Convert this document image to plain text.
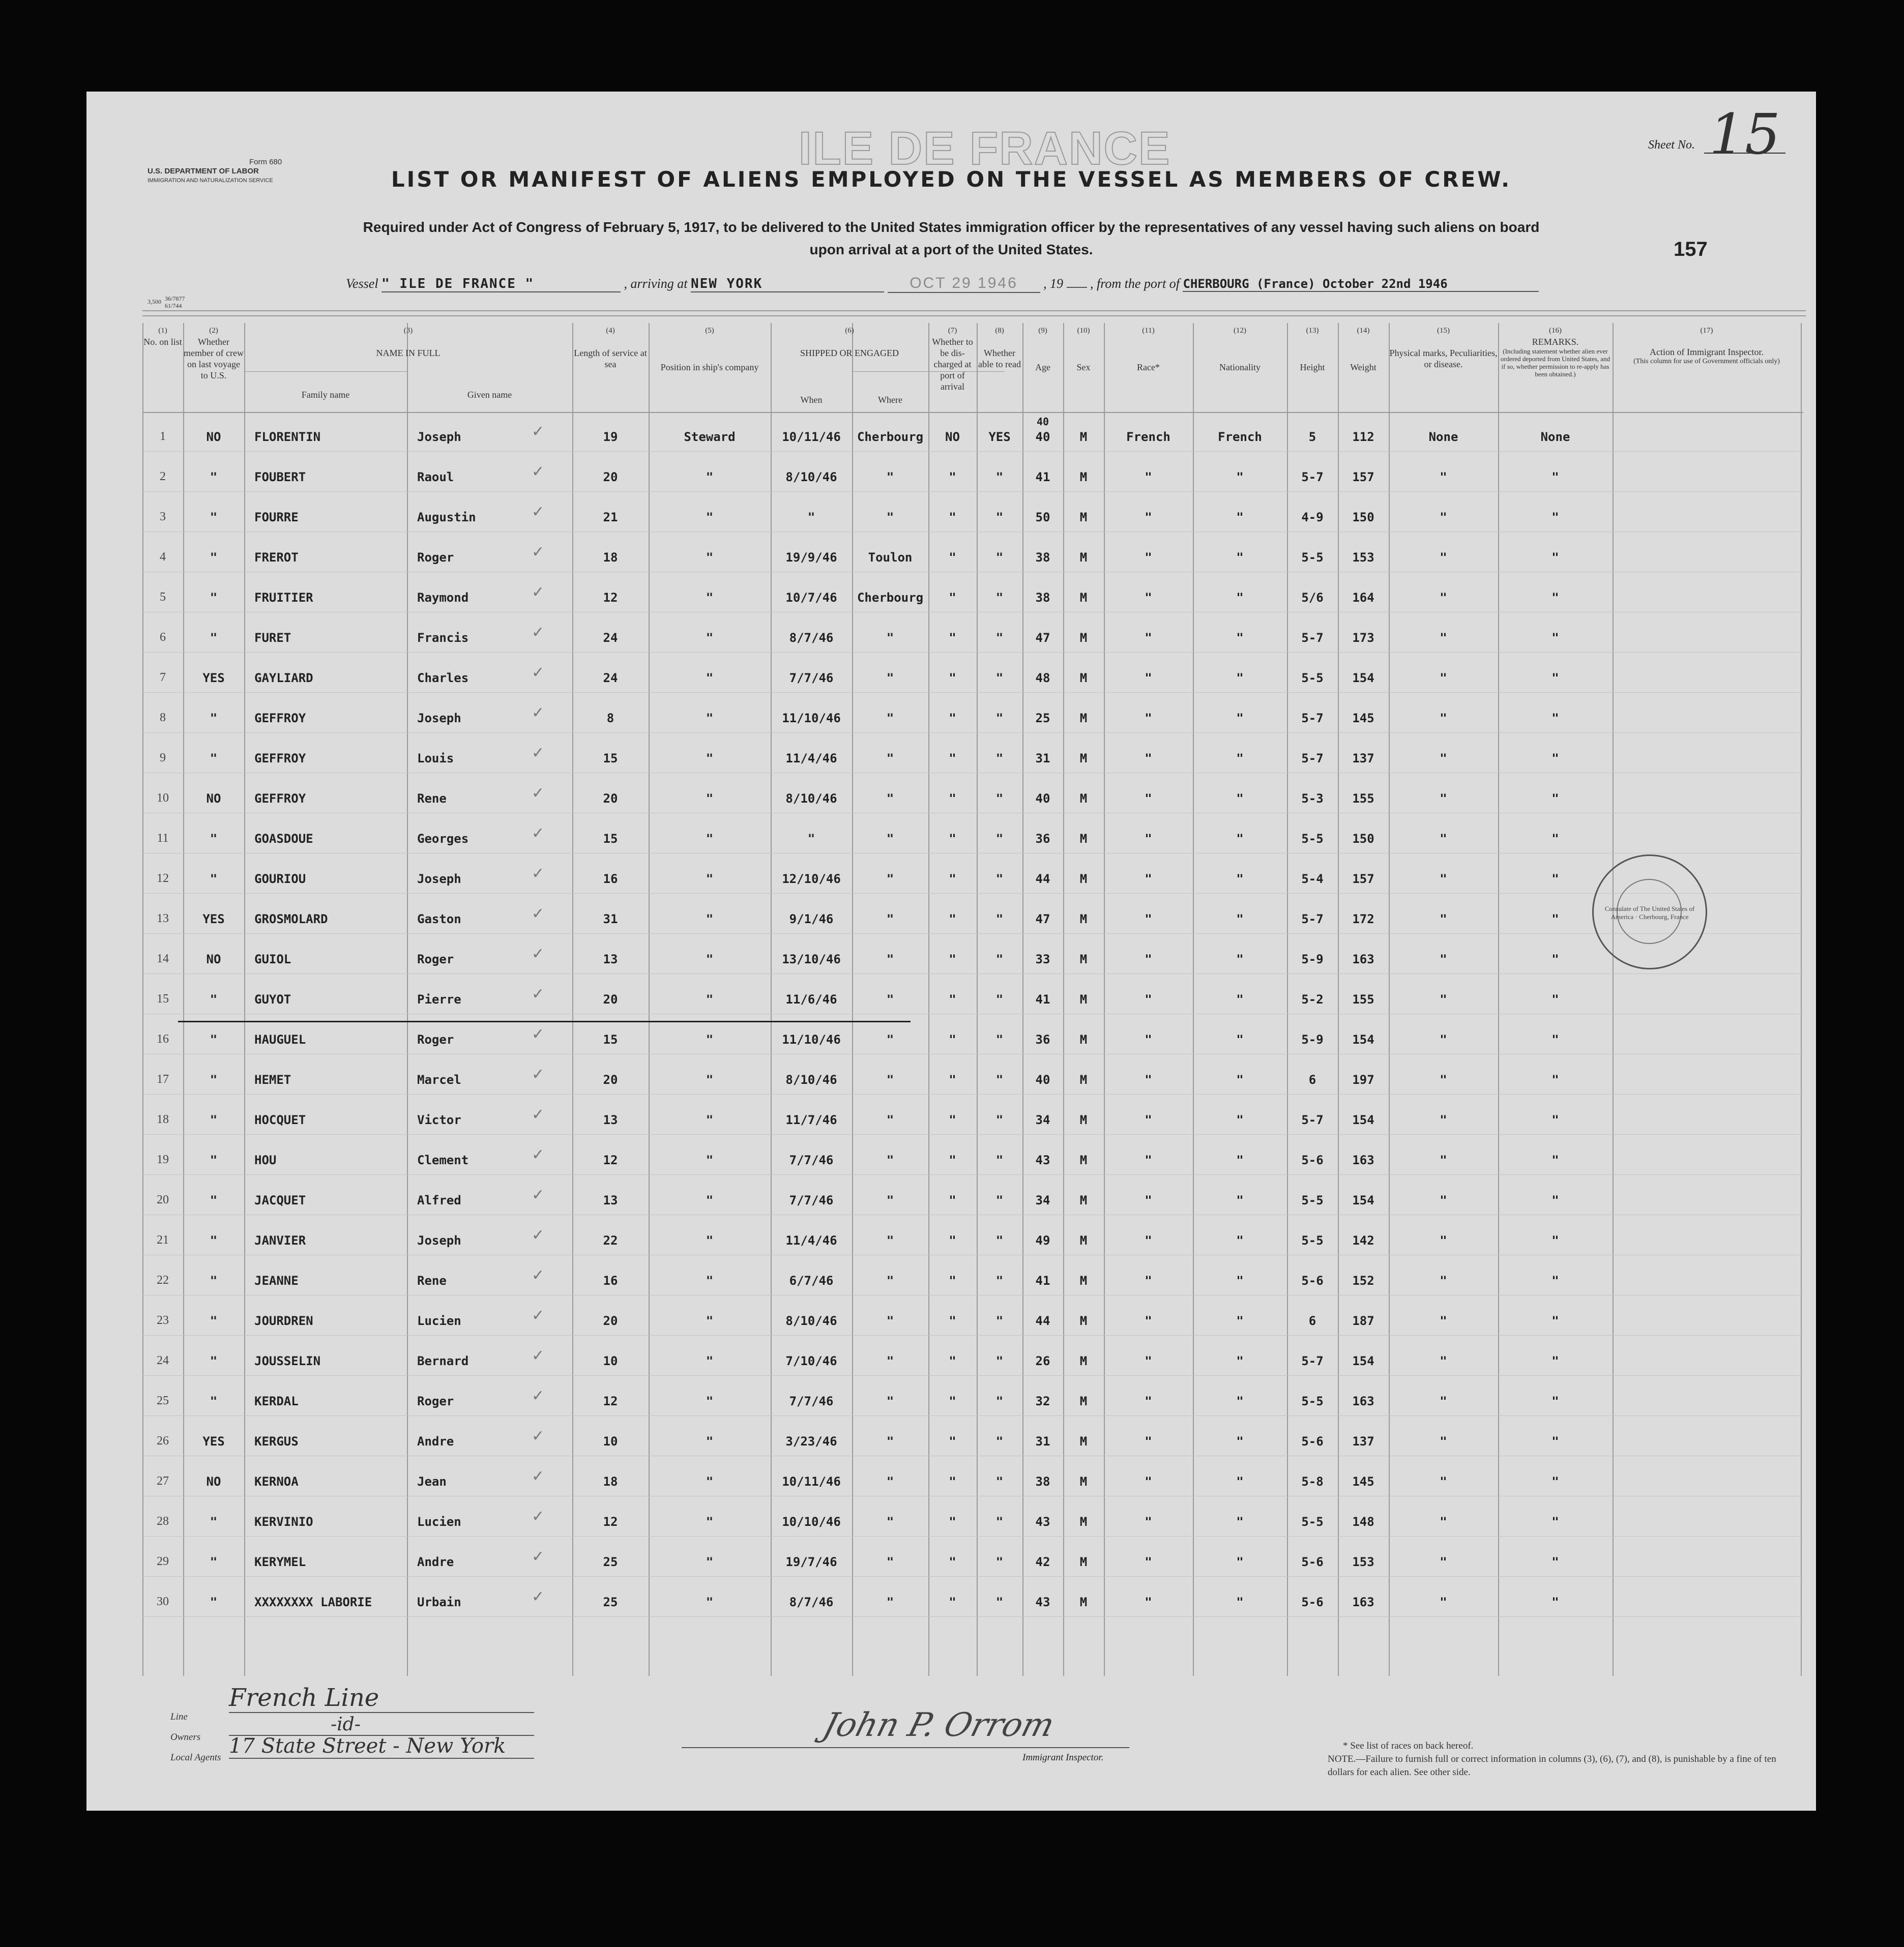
Form 680
U.S. DEPARTMENT OF LABOR
IMMIGRATION AND NATURALIZATION SERVICE
ILE DE FRANCE	Sheet No. 15
LIST OR MANIFEST OF ALIENS EMPLOYED ON THE VESSEL AS MEMBERS OF CREW.
Required under Act of Congress of February 5, 1917, to be delivered to the United States immigration officer by the representatives of any vessel having such aliens on board
upon arrival at a port of the United States.	157
3,500 36/7877
61/744
Vessel " ILE DE FRANCE "	, arriving at NEW YORK	OCT 29 1946 , 19 , from the port of CHERBOURG (France) October 22nd 1946
(1)
No. on list
(2)
Whether member of crew on last voyage to U.S.
(3)
NAME IN FULL
Family name	Given name
(4)
Length of service at sea
(5)
Position in ship's company
(6)
SHIPPED OR ENGAGED
When	Where
(7)
Whether to be dis-charged at port of arrival
(8)
Whether able to read
(9)
Age
(10)
Sex
(11)
Race*
(12)
Nationality
(13)
Height
(14)
Weight
(15)
Physical marks, Peculiarities, or disease.
(16)
REMARKS.
(Including statement whether alien ever ordered deported from United States, and if so, whether permission to re-apply has been obtained.)
(17)
Action of Immigrant Inspector.
(This column for use of Government officials only)
1	NO	FLORENTIN	Joseph	19	Steward	10/11/46	Cherbourg	NO	YES	40	M	French	French	5	112	None	None
✓
2	"	FOUBERT	Raoul	20	"	8/10/46	"	"	"	41	M	"	"	5-7	157	"	"
✓
3	"	FOURRE	Augustin	21	"	"	"	"	"	50	M	"	"	4-9	150	"	"
✓
4	"	FREROT	Roger	18	"	19/9/46	Toulon	"	"	38	M	"	"	5-5	153	"	"
✓
5	"	FRUITIER	Raymond	12	"	10/7/46	Cherbourg	"	"	38	M	"	"	5/6	164	"	"
✓
6	"	FURET	Francis	24	"	8/7/46	"	"	"	47	M	"	"	5-7	173	"	"
✓
7	YES	GAYLIARD	Charles	24	"	7/7/46	"	"	"	48	M	"	"	5-5	154	"	"
✓
8	"	GEFFROY	Joseph	8	"	11/10/46	"	"	"	25	M	"	"	5-7	145	"	"
✓
9	"	GEFFROY	Louis	15	"	11/4/46	"	"	"	31	M	"	"	5-7	137	"	"
✓
10	NO	GEFFROY	Rene	20	"	8/10/46	"	"	"	40	M	"	"	5-3	155	"	"
✓
11	"	GOASDOUE	Georges	15	"	"	"	"	"	36	M	"	"	5-5	150	"	"
✓
12	"	GOURIOU	Joseph	16	"	12/10/46	"	"	"	44	M	"	"	5-4	157	"	"
✓
13	YES	GROSMOLARD	Gaston	31	"	9/1/46	"	"	"	47	M	"	"	5-7	172	"	"
✓
14	NO	GUIOL	Roger	13	"	13/10/46	"	"	"	33	M	"	"	5-9	163	"	"
✓
15	"	GUYOT	Pierre	20	"	11/6/46	"	"	"	41	M	"	"	5-2	155	"	"
✓
16	"	HAUGUEL	Roger	15	"	11/10/46	"	"	"	36	M	"	"	5-9	154	"	"
✓
17	"	HEMET	Marcel	20	"	8/10/46	"	"	"	40	M	"	"	6	197	"	"
✓
18	"	HOCQUET	Victor	13	"	11/7/46	"	"	"	34	M	"	"	5-7	154	"	"
✓
19	"	HOU	Clement	12	"	7/7/46	"	"	"	43	M	"	"	5-6	163	"	"
✓
20	"	JACQUET	Alfred	13	"	7/7/46	"	"	"	34	M	"	"	5-5	154	"	"
✓
21	"	JANVIER	Joseph	22	"	11/4/46	"	"	"	49	M	"	"	5-5	142	"	"
✓
22	"	JEANNE	Rene	16	"	6/7/46	"	"	"	41	M	"	"	5-6	152	"	"
✓
23	"	JOURDREN	Lucien	20	"	8/10/46	"	"	"	44	M	"	"	6	187	"	"
✓
24	"	JOUSSELIN	Bernard	10	"	7/10/46	"	"	"	26	M	"	"	5-7	154	"	"
✓
25	"	KERDAL	Roger	12	"	7/7/46	"	"	"	32	M	"	"	5-5	163	"	"
✓
26	YES	KERGUS	Andre	10	"	3/23/46	"	"	"	31	M	"	"	5-6	137	"	"
✓
27	NO	KERNOA	Jean	18	"	10/11/46	"	"	"	38	M	"	"	5-8	145	"	"
✓
28	"	KERVINIO	Lucien	12	"	10/10/46	"	"	"	43	M	"	"	5-5	148	"	"
✓
29	"	KERYMEL	Andre	25	"	19/7/46	"	"	"	42	M	"	"	5-6	153	"	"
✓
30	"	XXXXXXXX LABORIE	Urbain	25	"	8/7/46	"	"	"	43	M	"	"	5-6	163	"	"
✓
40
Consulate of The United States of America · Cherbourg, France
Line
French Line
Owners
-id-
Local Agents 17 State Street - New York
John P. Orrom
Immigrant Inspector.
* See list of races on back hereof.
NOTE.—Failure to furnish full or correct information in columns (3), (6), (7), and (8), is punishable by a fine of ten dollars for each alien. See other side.
